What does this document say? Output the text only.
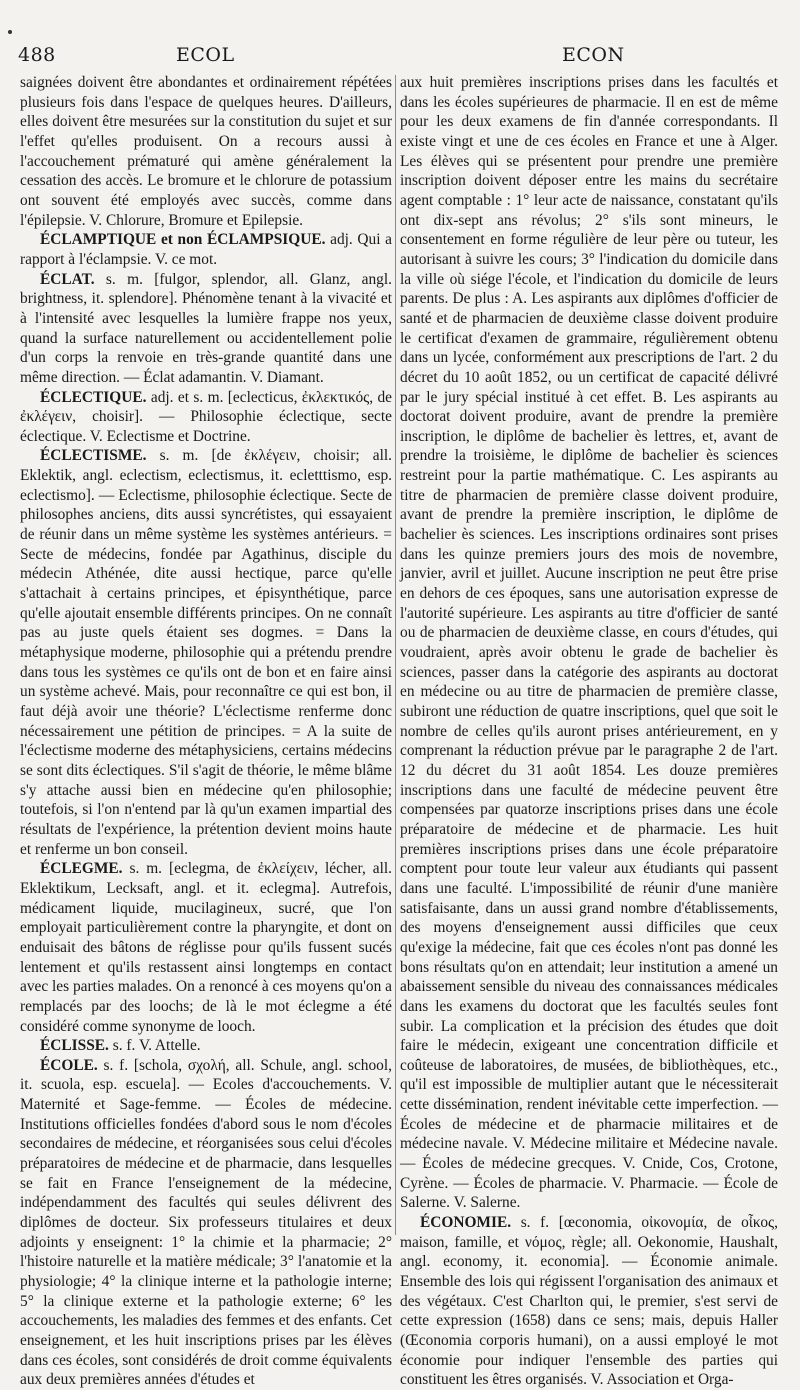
488	ECOL	ECON

saignées doivent être abondantes et ordinairement répétées plusieurs fois dans l'espace de quelques heures. D'ailleurs, elles doivent être mesurées sur la constitution du sujet et sur l'effet qu'elles produisent. On a recours aussi à l'accouchement prématuré qui amène généralement la cessation des accès. Le bromure et le chlorure de potassium ont souvent été employés avec succès, comme dans l'épilepsie. V. Chlorure, Bromure et Epilepsie.

ÉCLAMPTIQUE et non ÉCLAMPSIQUE. adj. Qui a rapport à l'éclampsie. V. ce mot.

ÉCLAT. s. m. [fulgor, splendor, all. Glanz, angl. brightness, it. splendore]. Phénomène tenant à la vivacité et à l'intensité avec lesquelles la lumière frappe nos yeux, quand la surface naturellement ou accidentellement polie d'un corps la renvoie en très-grande quantité dans une même direction. — Éclat adamantin. V. Diamant.

ÉCLECTIQUE. adj. et s. m. [eclecticus, ἐκλεκτικός, de ἐκλέγειν, choisir]. — Philosophie éclectique, secte éclectique. V. Eclectisme et Doctrine.

ÉCLECTISME. s. m. [de ἐκλέγειν, choisir; all. Eklektik, angl. eclectism, eclectismus, it. ecletttismo, esp. eclectismo]. — Eclectisme, philosophie éclectique. Secte de philosophes anciens, dits aussi syncrétistes, qui essayaient de réunir dans un même système les systèmes antérieurs. = Secte de médecins, fondée par Agathinus, disciple du médecin Athénée, dite aussi hectique, parce qu'elle s'attachait à certains principes, et épisynthétique, parce qu'elle ajoutait ensemble différents principes. On ne connaît pas au juste quels étaient ses dogmes. = Dans la métaphysique moderne, philosophie qui a prétendu prendre dans tous les systèmes ce qu'ils ont de bon et en faire ainsi un système achevé. Mais, pour reconnaître ce qui est bon, il faut déjà avoir une théorie? L'éclectisme renferme donc nécessairement une pétition de principes. = A la suite de l'éclectisme moderne des métaphysiciens, certains médecins se sont dits éclectiques. S'il s'agit de théorie, le même blâme s'y attache aussi bien en médecine qu'en philosophie; toutefois, si l'on n'entend par là qu'un examen impartial des résultats de l'expérience, la prétention devient moins haute et renferme un bon conseil.

ÉCLEGME. s. m. [eclegma, de ἐκλείχειν, lécher, all. Eklektikum, Lecksaft, angl. et it. eclegma]. Autrefois, médicament liquide, mucilagineux, sucré, que l'on employait particulièrement contre la pharyngite, et dont on enduisait des bâtons de réglisse pour qu'ils fussent sucés lentement et qu'ils restassent ainsi longtemps en contact avec les parties malades. On a renoncé à ces moyens qu'on a remplacés par des loochs; de là le mot éclegme a été considéré comme synonyme de looch.

ÉCLISSE. s. f. V. Attelle.

ÉCOLE. s. f. [schola, σχολή, all. Schule, angl. school, it. scuola, esp. escuela]. — Ecoles d'accouchements. V. Maternité et Sage-femme. — Écoles de médecine. Institutions officielles fondées d'abord sous le nom d'écoles secondaires de médecine, et réorganisées sous celui d'écoles préparatoires de médecine et de pharmacie, dans lesquelles se fait en France l'enseignement de la médecine, indépendamment des facultés qui seules délivrent des diplômes de docteur. Six professeurs titulaires et deux adjoints y enseignent: 1° la chimie et la pharmacie; 2° l'histoire naturelle et la matière médicale; 3° l'anatomie et la physiologie; 4° la clinique interne et la pathologie interne; 5° la clinique externe et la pathologie externe; 6° les accouchements, les maladies des femmes et des enfants. Cet enseignement, et les huit inscriptions prises par les élèves dans ces écoles, sont considérés de droit comme équivalents aux deux premières années d'études et

aux huit premières inscriptions prises dans les facultés et dans les écoles supérieures de pharmacie. Il en est de même pour les deux examens de fin d'année correspondants. Il existe vingt et une de ces écoles en France et une à Alger. Les élèves qui se présentent pour prendre une première inscription doivent déposer entre les mains du secrétaire agent comptable : 1° leur acte de naissance, constatant qu'ils ont dix-sept ans révolus; 2° s'ils sont mineurs, le consentement en forme régulière de leur père ou tuteur, les autorisant à suivre les cours; 3° l'indication du domicile dans la ville où siége l'école, et l'indication du domicile de leurs parents. De plus : A. Les aspirants aux diplômes d'officier de santé et de pharmacien de deuxième classe doivent produire le certificat d'examen de grammaire, régulièrement obtenu dans un lycée, conformément aux prescriptions de l'art. 2 du décret du 10 août 1852, ou un certificat de capacité délivré par le jury spécial institué à cet effet. B. Les aspirants au doctorat doivent produire, avant de prendre la première inscription, le diplôme de bachelier ès lettres, et, avant de prendre la troisième, le diplôme de bachelier ès sciences restreint pour la partie mathématique. C. Les aspirants au titre de pharmacien de première classe doivent produire, avant de prendre la première inscription, le diplôme de bachelier ès sciences. Les inscriptions ordinaires sont prises dans les quinze premiers jours des mois de novembre, janvier, avril et juillet. Aucune inscription ne peut être prise en dehors de ces époques, sans une autorisation expresse de l'autorité supérieure. Les aspirants au titre d'officier de santé ou de pharmacien de deuxième classe, en cours d'études, qui voudraient, après avoir obtenu le grade de bachelier ès sciences, passer dans la catégorie des aspirants au doctorat en médecine ou au titre de pharmacien de première classe, subiront une réduction de quatre inscriptions, quel que soit le nombre de celles qu'ils auront prises antérieurement, en y comprenant la réduction prévue par le paragraphe 2 de l'art. 12 du décret du 31 août 1854. Les douze premières inscriptions dans une faculté de médecine peuvent être compensées par quatorze inscriptions prises dans une école préparatoire de médecine et de pharmacie. Les huit premières inscriptions prises dans une école préparatoire comptent pour toute leur valeur aux étudiants qui passent dans une faculté. L'impossibilité de réunir d'une manière satisfaisante, dans un aussi grand nombre d'établissements, des moyens d'enseignement aussi difficiles que ceux qu'exige la médecine, fait que ces écoles n'ont pas donné les bons résultats qu'on en attendait; leur institution a amené un abaissement sensible du niveau des connaissances médicales dans les examens du doctorat que les facultés seules font subir. La complication et la précision des études que doit faire le médecin, exigeant une concentration difficile et coûteuse de laboratoires, de musées, de bibliothèques, etc., qu'il est impossible de multiplier autant que le nécessiterait cette dissémination, rendent inévitable cette imperfection. — Écoles de médecine et de pharmacie militaires et de médecine navale. V. Médecine militaire et Médecine navale. — Écoles de médecine grecques. V. Cnide, Cos, Crotone, Cyrène. — Écoles de pharmacie. V. Pharmacie. — École de Salerne. V. Salerne.

ÉCONOMIE. s. f. [œconomia, οἰκονομία, de οἶκος, maison, famille, et νόμος, règle; all. Oekonomie, Haushalt, angl. economy, it. economia]. — Économie animale. Ensemble des lois qui régissent l'organisation des animaux et des végétaux. C'est Charlton qui, le premier, s'est servi de cette expression (1658) dans ce sens; mais, depuis Haller (Œconomia corporis humani), on a aussi employé le mot économie pour indiquer l'ensemble des parties qui constituent les êtres organisés. V. Association et Orga-
